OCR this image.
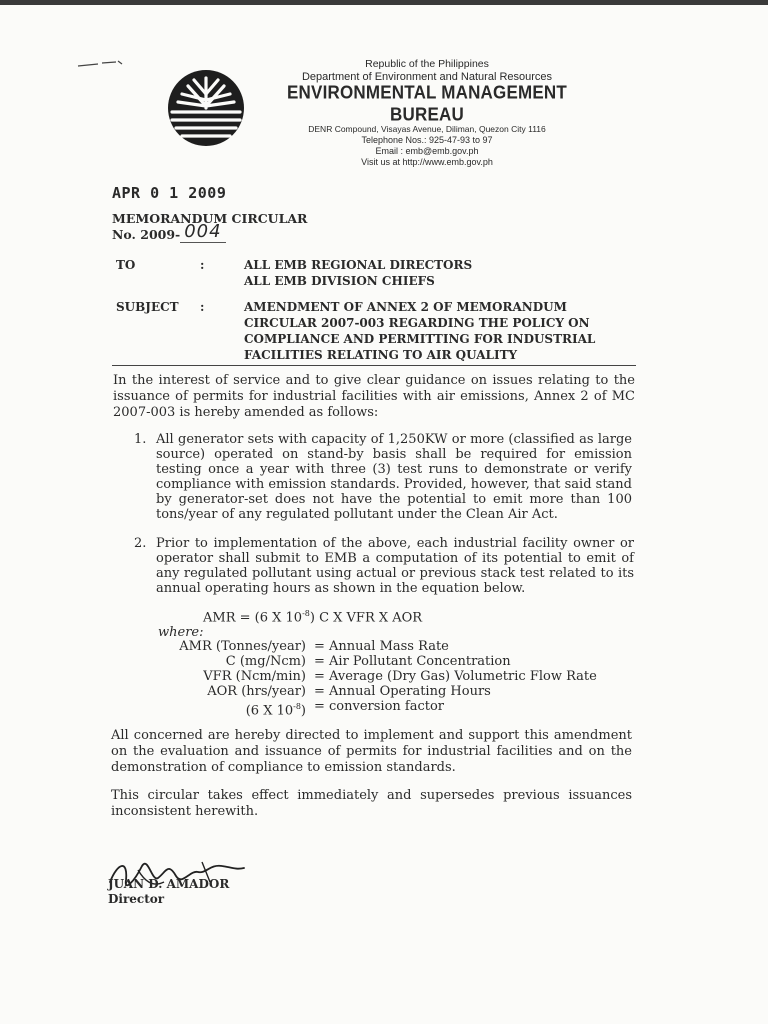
Republic of the Philippines
Department of Environment and Natural Resources
ENVIRONMENTAL MANAGEMENT BUREAU
DENR Compound, Visayas Avenue, Diliman, Quezon City 1116
Telephone Nos.: 925-47-93 to 97
Email : emb@emb.gov.ph
Visit us at http://www.emb.gov.ph
APR 0 1 2009
MEMORANDUM CIRCULAR
No. 2009- 004
TO	:	ALL EMB REGIONAL DIRECTORS
ALL EMB DIVISION CHIEFS
SUBJECT :	AMENDMENT OF ANNEX 2 OF MEMORANDUM CIRCULAR 2007-003 REGARDING THE POLICY ON COMPLIANCE AND PERMITTING FOR INDUSTRIAL FACILITIES RELATING TO AIR QUALITY
In the interest of service and to give clear guidance on issues relating to the issuance of permits for industrial facilities with air emissions, Annex 2 of MC 2007-003 is hereby amended as follows:
1. All generator sets with capacity of 1,250KW or more (classified as large source) operated on stand-by basis shall be required for emission testing once a year with three (3) test runs to demonstrate or verify compliance with emission standards. Provided, however, that said stand by generator-set does not have the potential to emit more than 100 tons/year of any regulated pollutant under the Clean Air Act.
2. Prior to implementation of the above, each industrial facility owner or operator shall submit to EMB a computation of its potential to emit of any regulated pollutant using actual or previous stack test related to its annual operating hours as shown in the equation below.
AMR = (6 X $10^{-8}$) C X VFR X AOR
where:
AMR (Tonnes/year) = Annual Mass Rate
C (mg/Ncm) = Air Pollutant Concentration
VFR (Ncm/min) = Average (Dry Gas) Volumetric Flow Rate
AOR (hrs/year) = Annual Operating Hours
(6 X $10^{-8}$) = conversion factor
All concerned are hereby directed to implement and support this amendment on the evaluation and issuance of permits for industrial facilities and on the demonstration of compliance to emission standards.
This circular takes effect immediately and supersedes previous issuances inconsistent herewith.
JUAN D. AMADOR
Director
